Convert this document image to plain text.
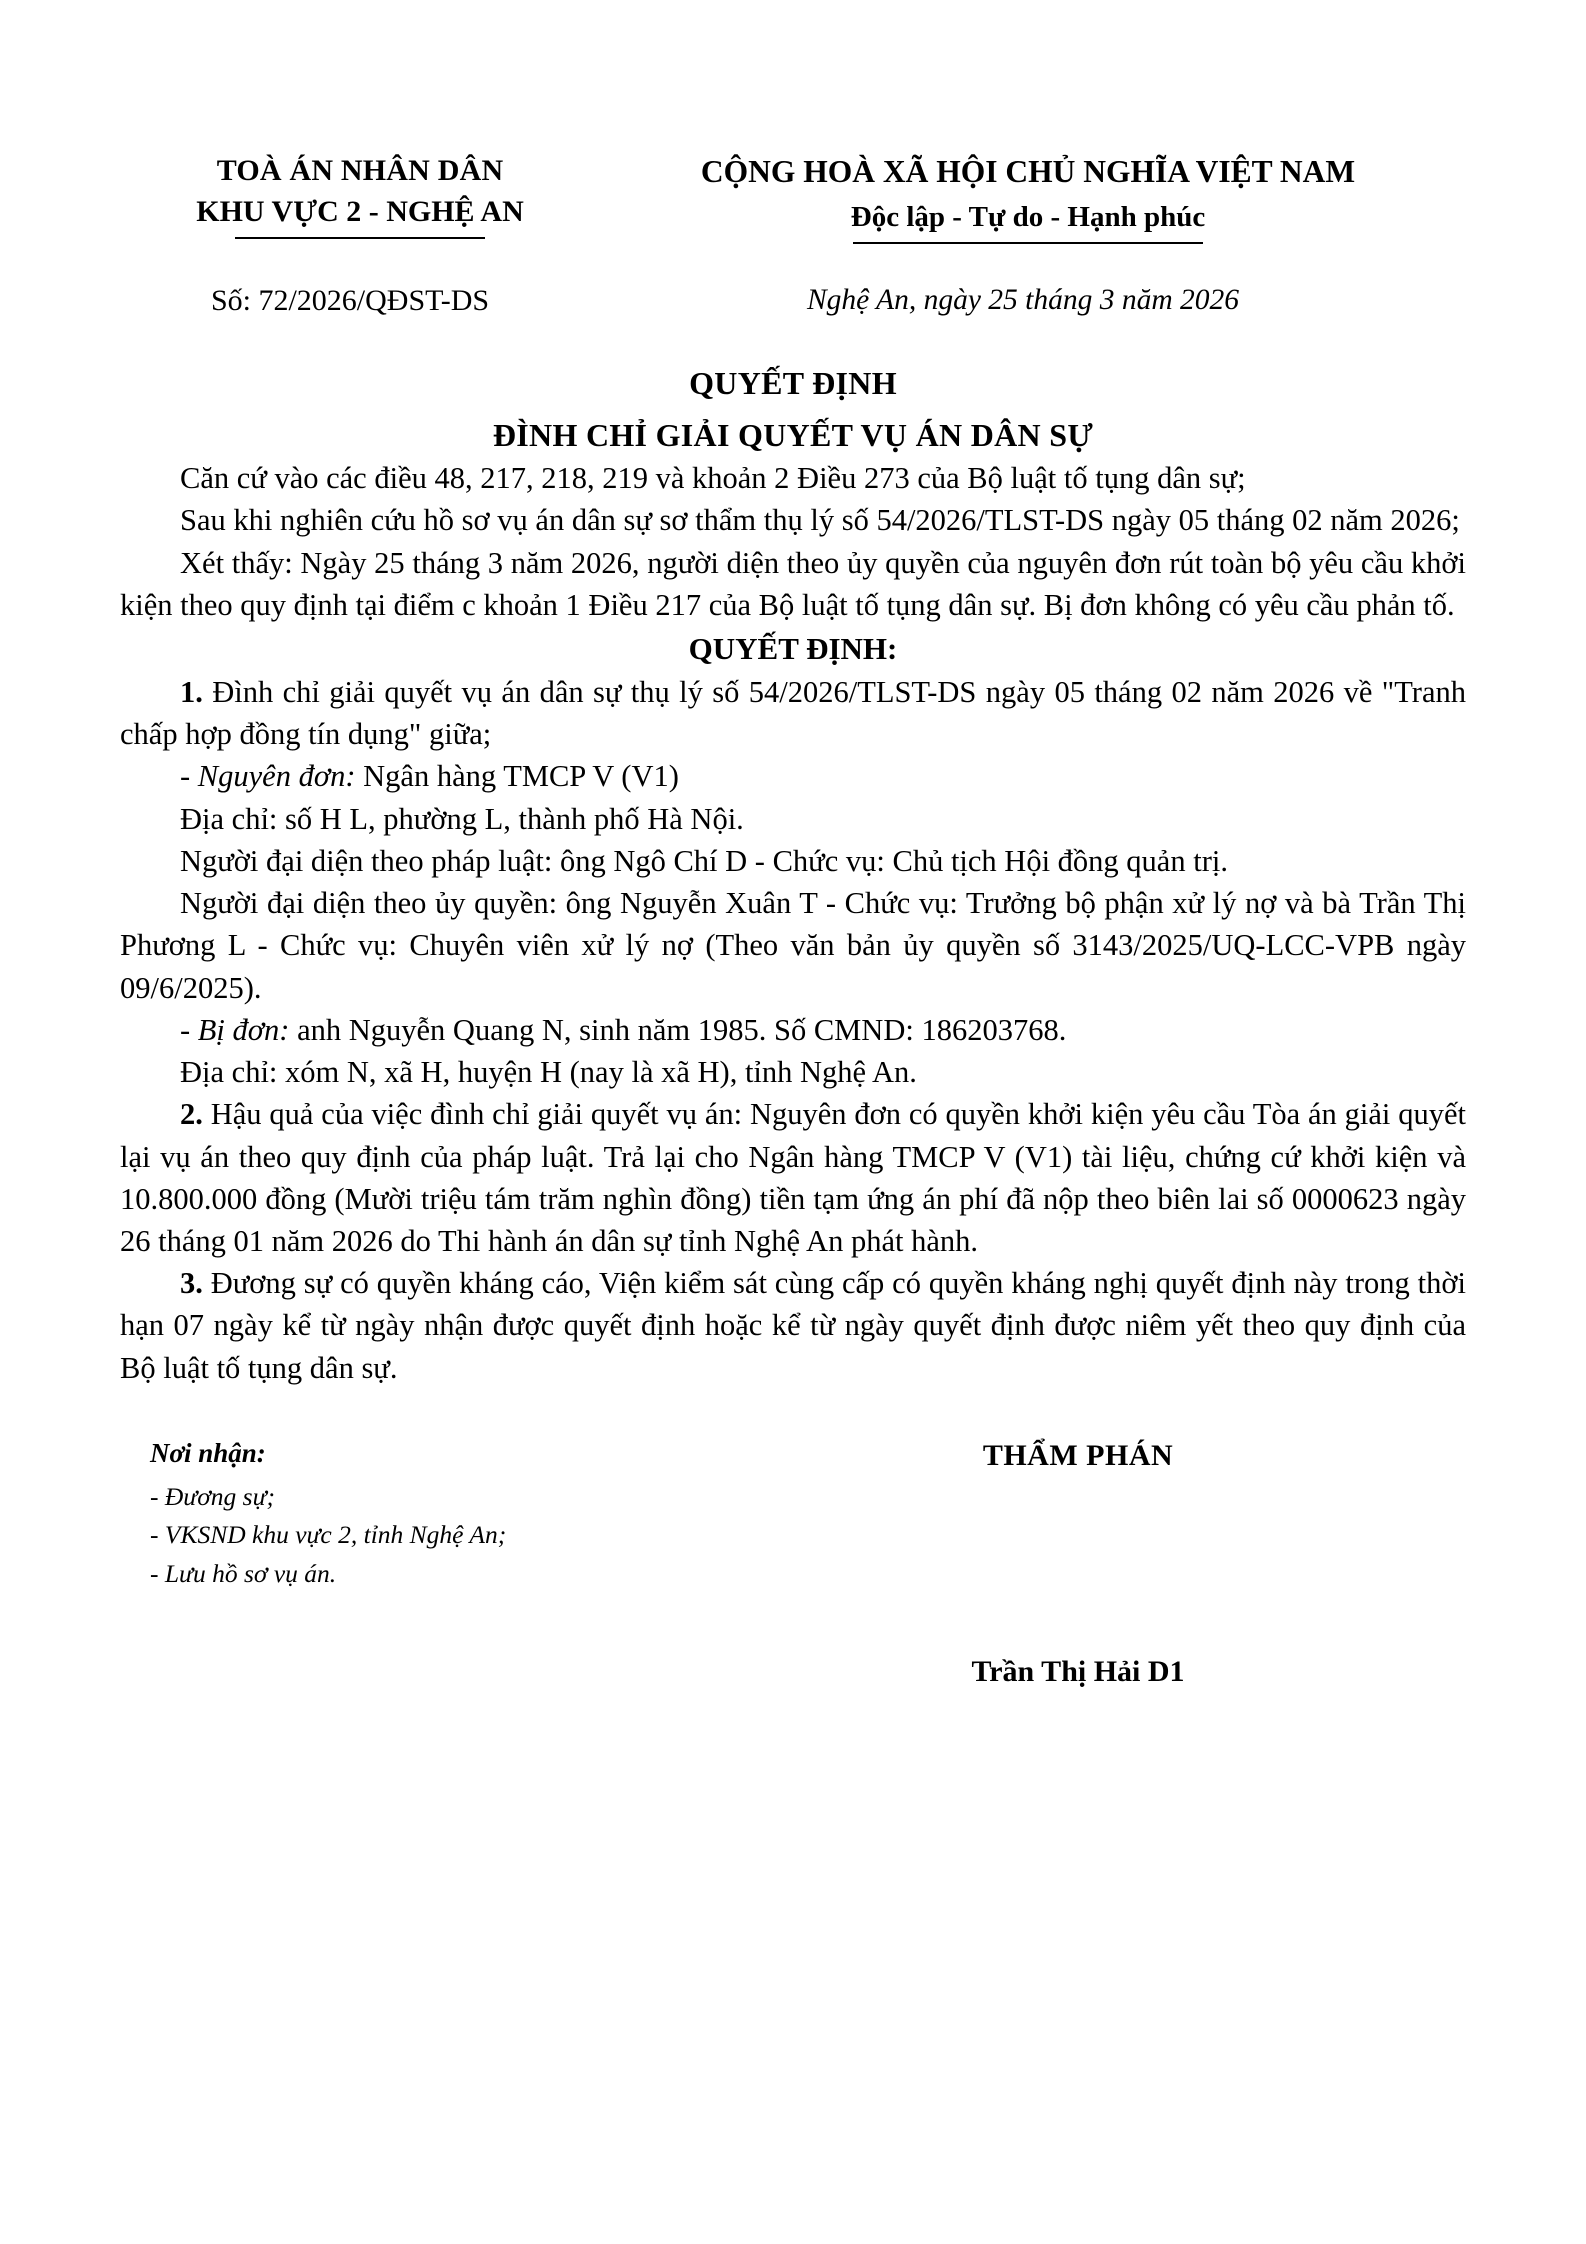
TOÀ ÁN NHÂN DÂN
KHU VỰC 2 - NGHỆ AN
CỘNG HOÀ XÃ HỘI CHỦ NGHĨA VIỆT NAM
Độc lập - Tự do - Hạnh phúc
Số: 72/2026/QĐST-DS	Nghệ An, ngày 25 tháng 3 năm 2026
QUYẾT ĐỊNH
ĐÌNH CHỈ GIẢI QUYẾT VỤ ÁN DÂN SỰ

Căn cứ vào các điều 48, 217, 218, 219 và khoản 2 Điều 273 của Bộ luật tố tụng dân sự;

Sau khi nghiên cứu hồ sơ vụ án dân sự sơ thẩm thụ lý số 54/2026/TLST-DS ngày 05 tháng 02 năm 2026;

Xét thấy: Ngày 25 tháng 3 năm 2026, người diện theo ủy quyền của nguyên đơn rút toàn bộ yêu cầu khởi kiện theo quy định tại điểm c khoản 1 Điều 217 của Bộ luật tố tụng dân sự. Bị đơn không có yêu cầu phản tố.

QUYẾT ĐỊNH:

1. Đình chỉ giải quyết vụ án dân sự thụ lý số 54/2026/TLST-DS ngày 05 tháng 02 năm 2026 về "Tranh chấp hợp đồng tín dụng" giữa;

- Nguyên đơn: Ngân hàng TMCP V (V1)

Địa chỉ: số H L, phường L, thành phố Hà Nội.

Người đại diện theo pháp luật: ông Ngô Chí D - Chức vụ: Chủ tịch Hội đồng quản trị.

Người đại diện theo ủy quyền: ông Nguyễn Xuân T - Chức vụ: Trưởng bộ phận xử lý nợ và bà Trần Thị Phương L - Chức vụ: Chuyên viên xử lý nợ (Theo văn bản ủy quyền số 3143/2025/UQ-LCC-VPB ngày 09/6/2025).

- Bị đơn: anh Nguyễn Quang N, sinh năm 1985. Số CMND: 186203768.

Địa chỉ: xóm N, xã H, huyện H (nay là xã H), tỉnh Nghệ An.

2. Hậu quả của việc đình chỉ giải quyết vụ án: Nguyên đơn có quyền khởi kiện yêu cầu Tòa án giải quyết lại vụ án theo quy định của pháp luật. Trả lại cho Ngân hàng TMCP V (V1) tài liệu, chứng cứ khởi kiện và 10.800.000 đồng (Mười triệu tám trăm nghìn đồng) tiền tạm ứng án phí đã nộp theo biên lai số 0000623 ngày 26 tháng 01 năm 2026 do Thi hành án dân sự tỉnh Nghệ An phát hành.

3. Đương sự có quyền kháng cáo, Viện kiểm sát cùng cấp có quyền kháng nghị quyết định này trong thời hạn 07 ngày kể từ ngày nhận được quyết định hoặc kể từ ngày quyết định được niêm yết theo quy định của Bộ luật tố tụng dân sự.

Nơi nhận:
- Đương sự;
- VKSND khu vực 2, tỉnh Nghệ An;
- Lưu hồ sơ vụ án.
THẨM PHÁN
Trần Thị Hải D1
